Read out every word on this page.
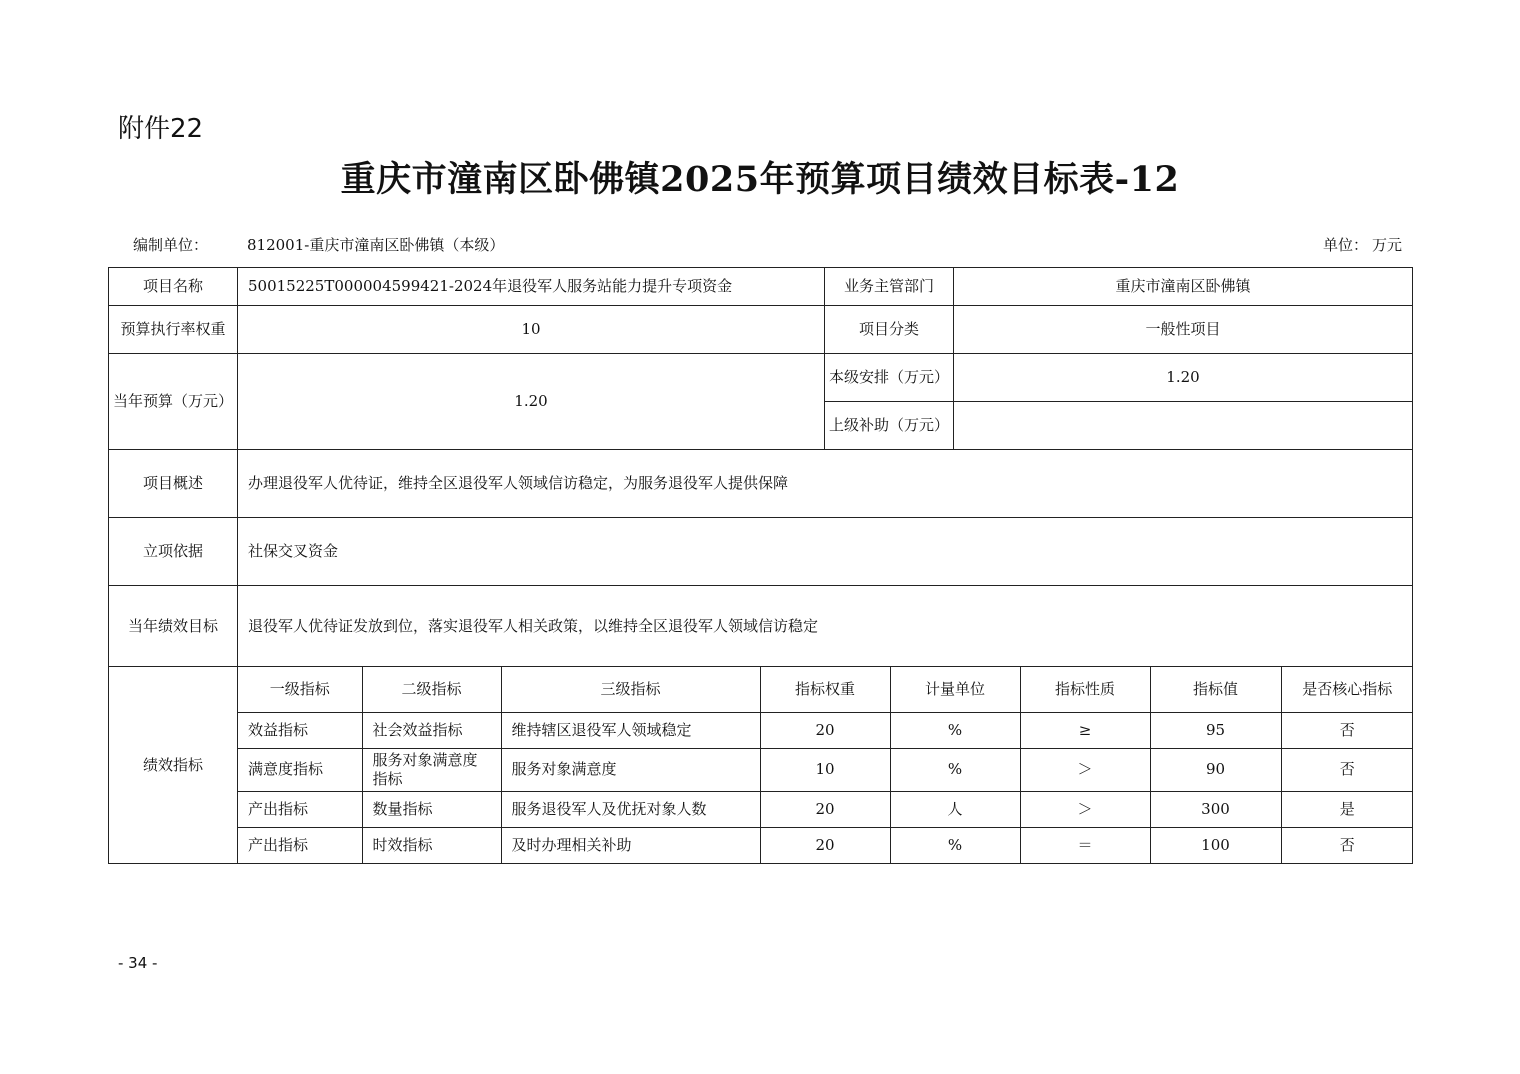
附件22
重庆市潼南区卧佛镇2025年预算项目绩效目标表-12
编制单位：	812001-重庆市潼南区卧佛镇（本级）	单位： 万元
项目名称	50015225T000004599421-2024年退役军人服务站能力提升专项资金	业务主管部门	重庆市潼南区卧佛镇
预算执行率权重	10	项目分类	一般性项目
当年预算（万元）	1.20	本级安排（万元）	1.20
上级补助（万元）	
项目概述	办理退役军人优待证，维持全区退役军人领域信访稳定，为服务退役军人提供保障
立项依据	社保交叉资金
当年绩效目标	退役军人优待证发放到位，落实退役军人相关政策，以维持全区退役军人领域信访稳定
绩效指标	
一级指标	二级指标	三级指标	指标权重	计量单位	指标性质	指标值	是否核心指标
效益指标	社会效益指标	维持辖区退役军人领域稳定	20	%	≥	95	否
满意度指标	服务对象满意度指标	服务对象满意度	10	%	＞	90	否
产出指标	数量指标	服务退役军人及优抚对象人数	20	人	＞	300	是
产出指标	时效指标	及时办理相关补助	20	%	＝	100	否
- 34 -
